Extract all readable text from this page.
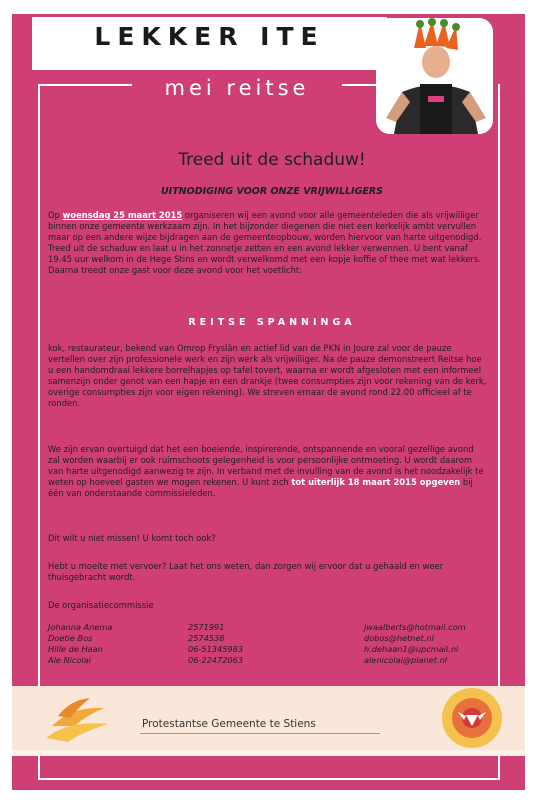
LEKKER ITE
mei reitse
Treed uit de schaduw!
UITNODIGING VOOR ONZE VRIJWILLIGERS

Op woensdag 25 maart 2015 organiseren wij een avond voor alle gemeenteleden die als vrijwilliger binnen onze gemeente werkzaam zijn. In het bijzonder diegenen die niet een kerkelijk ambt vervullen maar op een andere wijze bijdragen aan de gemeenteopbouw, worden hiervoor van harte uitgenodigd. Treed uit de schaduw en laat u in het zonnetje zetten en een avond lekker verwennen. U bent vanaf 19.45 uur welkom in de Hege Stins en wordt verwelkomd met een kopje koffie of thee met wat lekkers. Daarna treedt onze gast voor deze avond voor het voetlicht:

REITSE SPANNINGA

kok, restaurateur, bekend van Omrop Fryslân en actief lid van de PKN in Joure zal voor de pauze vertellen over zijn professionele werk en zijn werk als vrijwilliger. Na de pauze demonstreert Reitse hoe u een handomdraai lekkere borrelhapjes op tafel tovert, waarna er wordt afgesloten met een informeel samenzijn onder genot van een hapje en een drankje (twee consumpties zijn voor rekening van de kerk, overige consumpties zijn voor eigen rekening). We streven ernaar de avond rond 22.00 officieel af te ronden.

We zijn ervan overtuigd dat het een boeiende, inspirerende, ontspannende en vooral gezellige avond zal worden waarbij er ook ruimschoots gelegenheid is voor persoonlijke ontmoeting. U wordt daarom van harte uitgenodigd aanwezig te zijn. In verband met de invulling van de avond is het noodzakelijk te weten op hoeveel gasten we mogen rekenen. U kunt zich tot uiterlijk 18 maart 2015 opgeven bij één van onderstaande commissieleden.

Dit wilt u niet missen! U komt toch ook?

Hebt u moeite met vervoer? Laat het ons weten, dan zorgen wij ervoor dat u gehaald en weer thuisgebracht wordt.

De organisatiecommissie

Johanna Anema	2571991	jwaalberts@hotmail.com
Doetie Bos	2574538	dobos@hetnet.nl
Hille de Haan	06-51345983	h.dehaan1@upcmail.nl
Ale Nicolai	06-22472063	alenicolai@planet.nl
Protestantse Gemeente te Stiens
